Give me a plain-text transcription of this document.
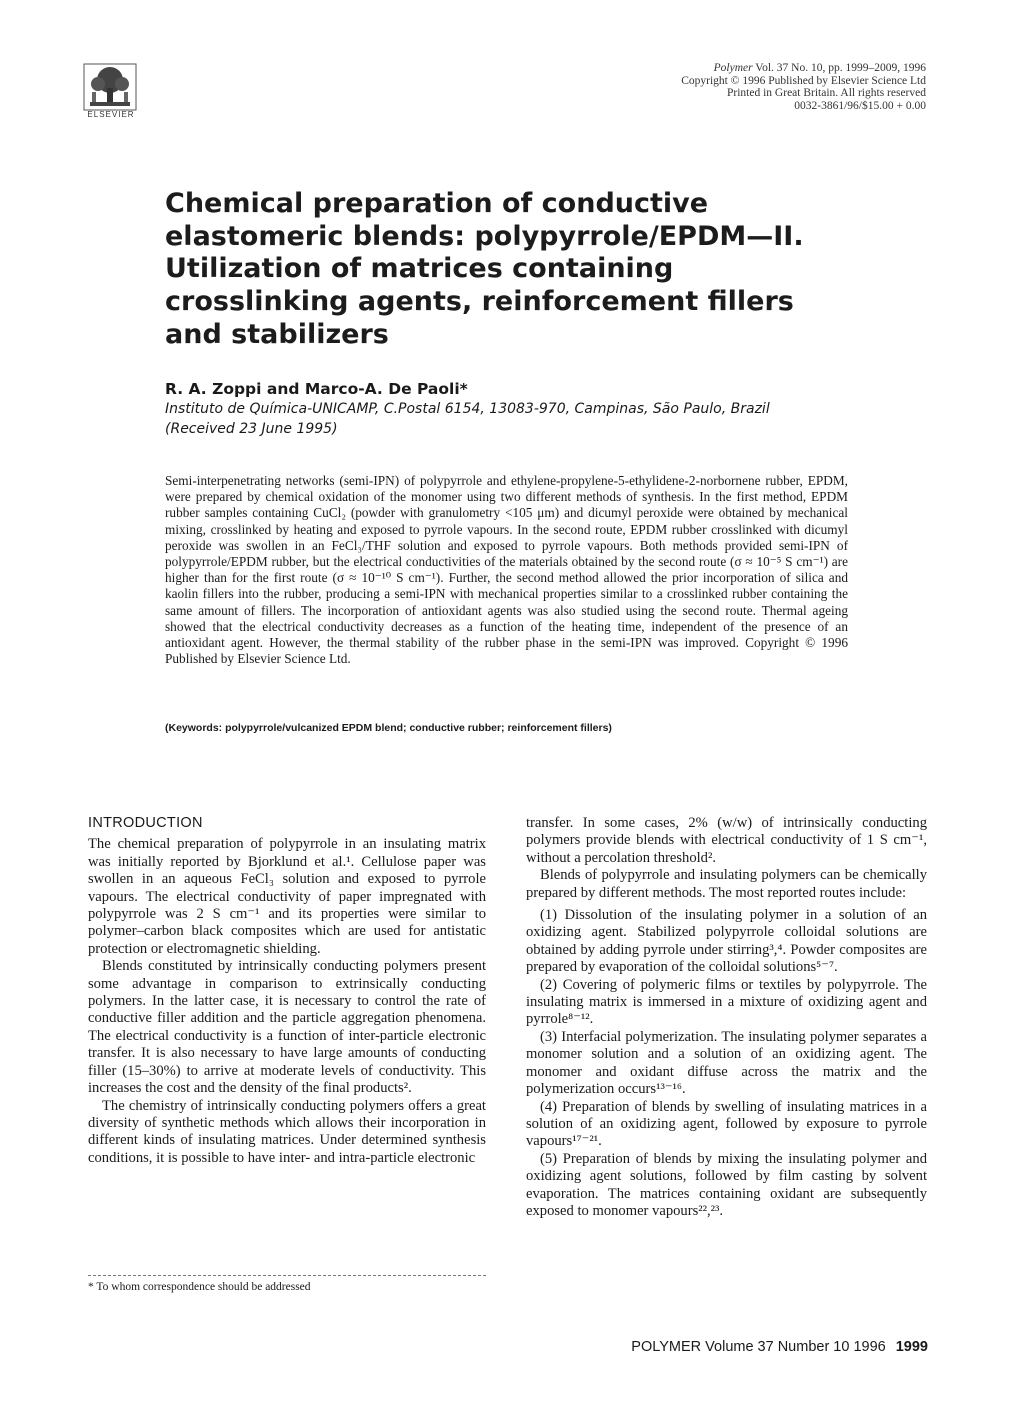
ELSEVIER
Polymer Vol. 37 No. 10, pp. 1999–2009, 1996
Copyright © 1996 Published by Elsevier Science Ltd
Printed in Great Britain. All rights reserved
0032-3861/96/$15.00 + 0.00
Chemical preparation of conductive
elastomeric blends: polypyrrole/EPDM—II.
Utilization of matrices containing
crosslinking agents, reinforcement fillers
and stabilizers
R. A. Zoppi and Marco-A. De Paoli*
Instituto de Química-UNICAMP, C.Postal 6154, 13083-970, Campinas, São Paulo, Brazil
(Received 23 June 1995)
Semi-interpenetrating networks (semi-IPN) of polypyrrole and ethylene-propylene-5-ethylidene-2-norbornene rubber, EPDM, were prepared by chemical oxidation of the monomer using two different methods of synthesis. In the first method, EPDM rubber samples containing CuCl₂ (powder with granulometry <105 μm) and dicumyl peroxide were obtained by mechanical mixing, crosslinked by heating and exposed to pyrrole vapours. In the second route, EPDM rubber crosslinked with dicumyl peroxide was swollen in an FeCl₃/THF solution and exposed to pyrrole vapours. Both methods provided semi-IPN of polypyrrole/EPDM rubber, but the electrical conductivities of the materials obtained by the second route (σ ≈ 10⁻⁵ S cm⁻¹) are higher than for the first route (σ ≈ 10⁻¹⁰ S cm⁻¹). Further, the second method allowed the prior incorporation of silica and kaolin fillers into the rubber, producing a semi-IPN with mechanical properties similar to a crosslinked rubber containing the same amount of fillers. The incorporation of antioxidant agents was also studied using the second route. Thermal ageing showed that the electrical conductivity decreases as a function of the heating time, independent of the presence of an antioxidant agent. However, the thermal stability of the rubber phase in the semi-IPN was improved. Copyright © 1996 Published by Elsevier Science Ltd.
(Keywords: polypyrrole/vulcanized EPDM blend; conductive rubber; reinforcement fillers)
INTRODUCTION

The chemical preparation of polypyrrole in an insulating matrix was initially reported by Bjorklund et al.¹. Cellulose paper was swollen in an aqueous FeCl₃ solution and exposed to pyrrole vapours. The electrical conductivity of paper impregnated with polypyrrole was 2 S cm⁻¹ and its properties were similar to polymer–carbon black composites which are used for antistatic protection or electromagnetic shielding.

Blends constituted by intrinsically conducting polymers present some advantage in comparison to extrinsically conducting polymers. In the latter case, it is necessary to control the rate of conductive filler addition and the particle aggregation phenomena. The electrical conductivity is a function of inter-particle electronic transfer. It is also necessary to have large amounts of conducting filler (15–30%) to arrive at moderate levels of conductivity. This increases the cost and the density of the final products².

The chemistry of intrinsically conducting polymers offers a great diversity of synthetic methods which allows their incorporation in different kinds of insulating matrices. Under determined synthesis conditions, it is possible to have inter- and intra-particle electronic

transfer. In some cases, 2% (w/w) of intrinsically conducting polymers provide blends with electrical conductivity of 1 S cm⁻¹, without a percolation threshold².

Blends of polypyrrole and insulating polymers can be chemically prepared by different methods. The most reported routes include:

(1) Dissolution of the insulating polymer in a solution of an oxidizing agent. Stabilized polypyrrole colloidal solutions are obtained by adding pyrrole under stirring³,⁴. Powder composites are prepared by evaporation of the colloidal solutions⁵⁻⁷.

(2) Covering of polymeric films or textiles by polypyrrole. The insulating matrix is immersed in a mixture of oxidizing agent and pyrrole⁸⁻¹².

(3) Interfacial polymerization. The insulating polymer separates a monomer solution and a solution of an oxidizing agent. The monomer and oxidant diffuse across the matrix and the polymerization occurs¹³⁻¹⁶.

(4) Preparation of blends by swelling of insulating matrices in a solution of an oxidizing agent, followed by exposure to pyrrole vapours¹⁷⁻²¹.

(5) Preparation of blends by mixing the insulating polymer and oxidizing agent solutions, followed by film casting by solvent evaporation. The matrices containing oxidant are subsequently exposed to monomer vapours²²,²³.

* To whom correspondence should be addressed
POLYMER Volume 37 Number 10 1996 1999
